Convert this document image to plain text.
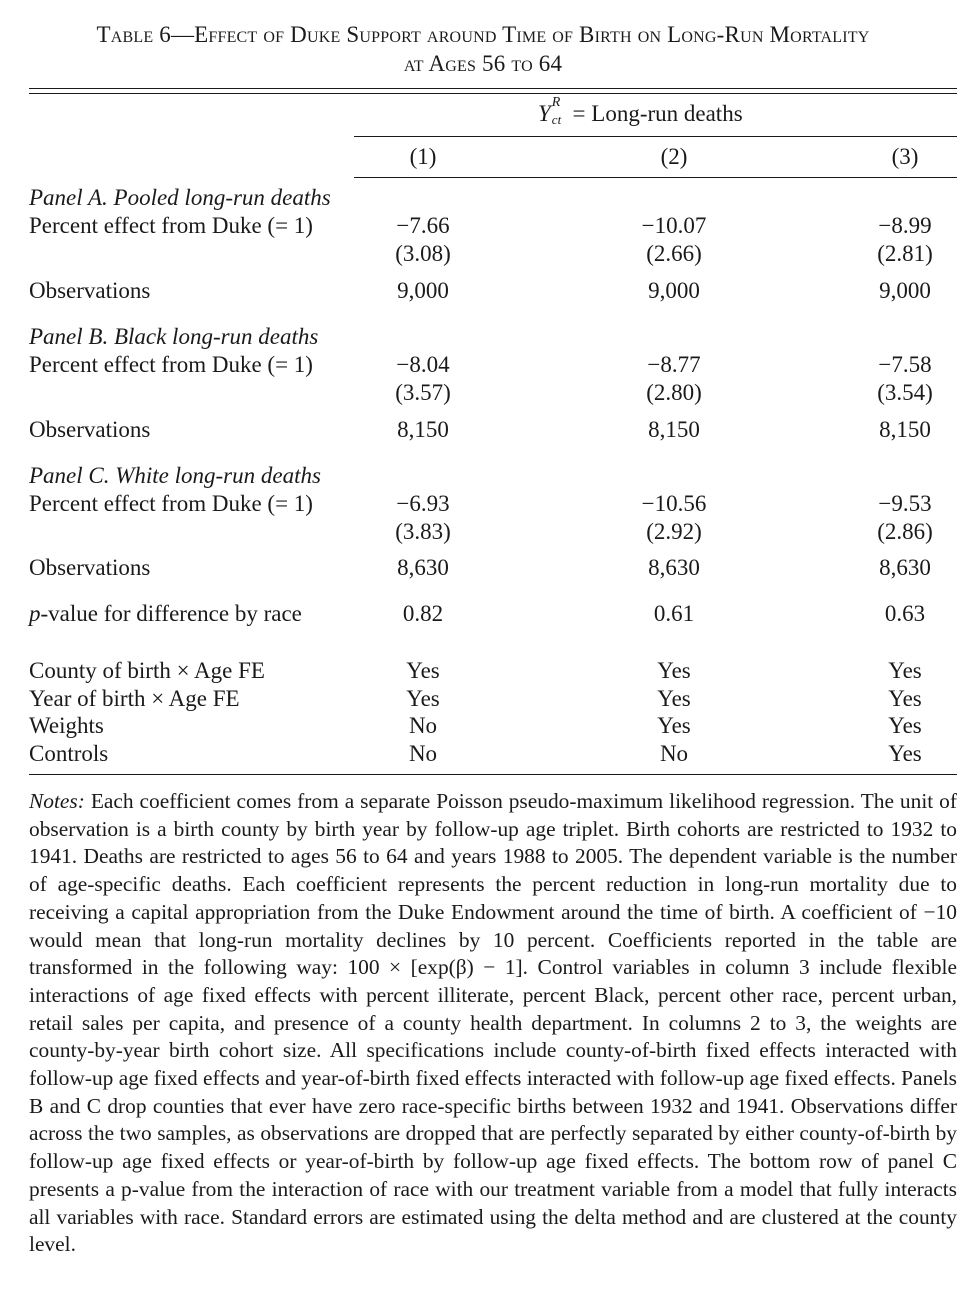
Table 6—Effect of Duke Support around Time of Birth on Long-Run Mortality
at Ages 56 to 64
Y R
ct = Long-run deaths
(1)	(2)	(3)
Panel A. Pooled long-run deaths
Percent effect from Duke (= 1)	−7.66	−10.07	−8.99
(3.08)	(2.66)	(2.81)
Observations	9,000	9,000	9,000
Panel B. Black long-run deaths
Percent effect from Duke (= 1)	−8.04	−8.77	−7.58
(3.57)	(2.80)	(3.54)
Observations	8,150	8,150	8,150
Panel C. White long-run deaths
Percent effect from Duke (= 1)	−6.93	−10.56	−9.53
(3.83)	(2.92)	(2.86)
Observations	8,630	8,630	8,630
p-value for difference by race	0.82	0.61	0.63
County of birth × Age FE	Yes	Yes	Yes
Year of birth × Age FE	Yes	Yes	Yes
Weights	No	Yes	Yes
Controls	No	No	Yes
Notes: Each coefficient comes from a separate Poisson pseudo-maximum likelihood regression. The unit of observation is a birth county by birth year by follow-up age triplet. Birth cohorts are restricted to 1932 to 1941. Deaths are restricted to ages 56 to 64 and years 1988 to 2005. The dependent variable is the number of age-specific deaths. Each coefficient represents the percent reduction in long-run mortality due to receiving a capital appropriation from the Duke Endowment around the time of birth. A coefficient of −10 would mean that long-run mortality declines by 10 percent. Coefficients reported in the table are transformed in the following way: 100 × [exp(β) − 1]. Control variables in column 3 include flexible interactions of age fixed effects with percent illiterate, percent Black, percent other race, percent urban, retail sales per capita, and presence of a county health department. In columns 2 to 3, the weights are county-by-year birth cohort size. All specifications include county-of-birth fixed effects interacted with follow-up age fixed effects and year-of-birth fixed effects interacted with follow-up age fixed effects. Panels B and C drop counties that ever have zero race-specific births between 1932 and 1941. Observations differ across the two samples, as observations are dropped that are perfectly separated by either county-of-birth by follow-up age fixed effects or year-of-birth by follow-up age fixed effects. The bottom row of panel C presents a p-value from the interaction of race with our treatment variable from a model that fully interacts all variables with race. Standard errors are estimated using the delta method and are clustered at the county level.
